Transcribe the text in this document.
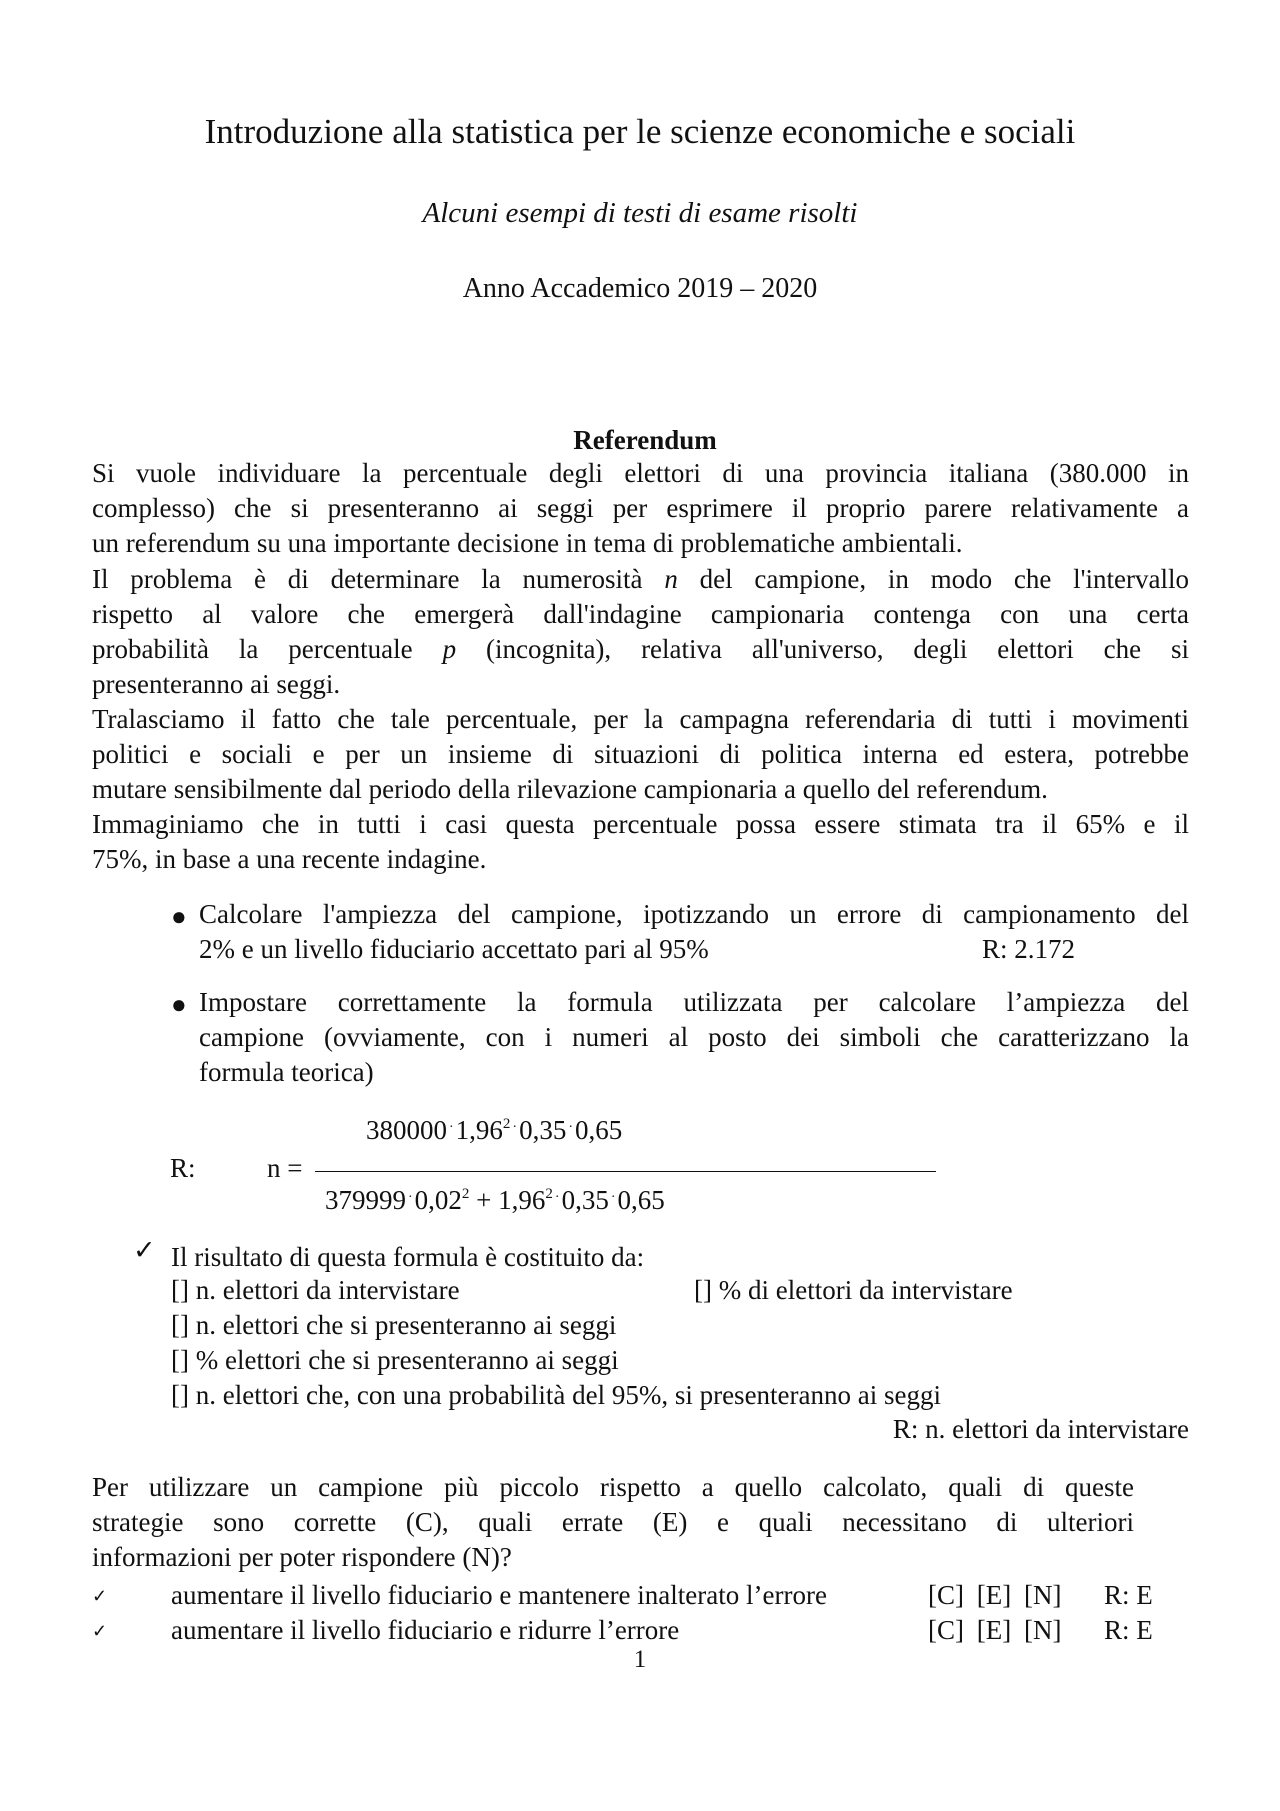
Introduzione alla statistica per le scienze economiche e sociali
Alcuni esempi di testi di esame risolti
Anno Accademico 2019 – 2020
Referendum
Si vuole individuare la percentuale degli elettori di una provincia italiana (380.000 in
complesso) che si presenteranno ai seggi per esprimere il proprio parere relativamente a
un referendum su una importante decisione in tema di problematiche ambientali.
Il problema è di determinare la numerosità n del campione, in modo che l'intervallo
rispetto al valore che emergerà dall'indagine campionaria contenga con una certa
probabilità la percentuale p (incognita), relativa all'universo, degli elettori che si
presenteranno ai seggi.
Tralasciamo il fatto che tale percentuale, per la campagna referendaria di tutti i movimenti
politici e sociali e per un insieme di situazioni di politica interna ed estera, potrebbe
mutare sensibilmente dal periodo della rilevazione campionaria a quello del referendum.
Immaginiamo che in tutti i casi questa percentuale possa essere stimata tra il 65% e il
75%, in base a una recente indagine.
● Calcolare l'ampiezza del campione, ipotizzando un errore di campionamento del
2% e un livello fiduciario accettato pari al 95%	R: 2.172
● Impostare correttamente la formula utilizzata per calcolare l’ampiezza del
campione (ovviamente, con i numeri al posto dei simboli che caratterizzano la
formula teorica)
R:	n =
380000 ·1,96$^2$ ·0,35 ·0,65
379999 $^\cdot 0,02^2 + 1,96^2$ ·0,35 ·0,65
✓ Il risultato di questa formula è costituito da:
[] n. elettori da intervistare	[] % di elettori da intervistare
[] n. elettori che si presenteranno ai seggi
[] % elettori che si presenteranno ai seggi
[] n. elettori che, con una probabilità del 95%, si presenteranno ai seggi
R: n. elettori da intervistare
Per utilizzare un campione più piccolo rispetto a quello calcolato, quali di queste
strategie sono corrette (C), quali errate (E) e quali necessitano di ulteriori
informazioni per poter rispondere (N)?
✓ aumentare il livello fiduciario e mantenere inalterato l’errore	[C] [E] [N] R: E
✓ aumentare il livello fiduciario e ridurre l’errore	[C] [E] [N] R: E
1
